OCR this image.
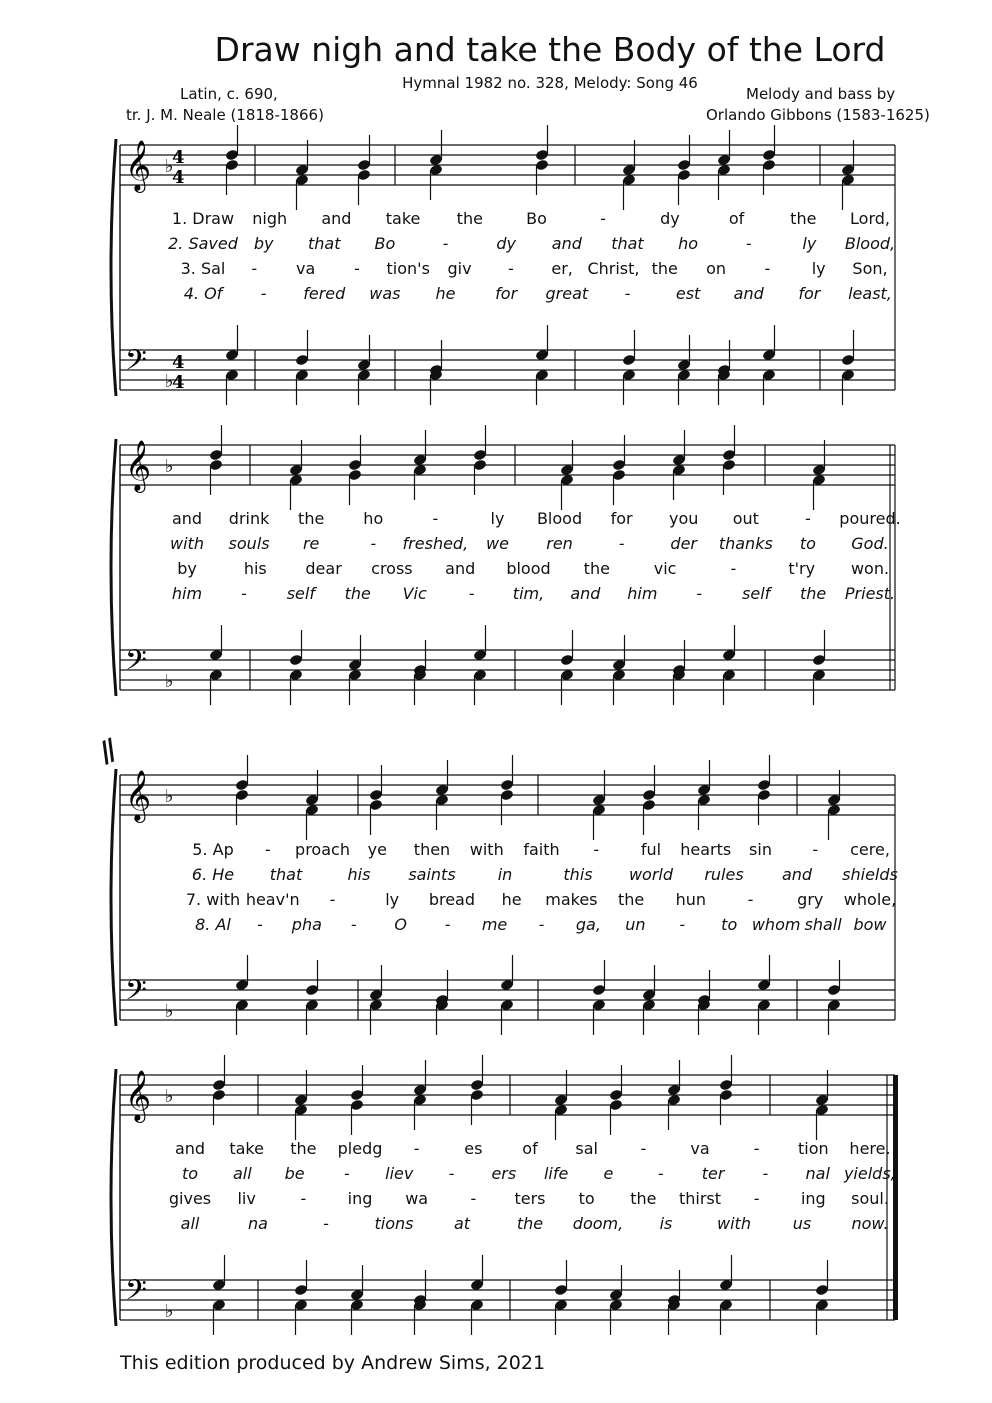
Draw nigh and take the Body of the Lord
Hymnal 1982 no. 328, Melody: Song 46
Latin, c. 690,
tr. J. M. Neale (1818-1866)
Melody and bass by
Orlando Gibbons (1583-1625)
𝄞 ♭
𝄢 ♭
4
4
4
4
𝄞 ♭
𝄢 ♭
𝄞 ♭
𝄢 ♭
𝄞 ♭
𝄢 ♭
1. Draw nigh and take the	Bo	-	dy	of	the Lord,
2. Saved by that Bo	-	dy and that ho	-	ly Blood,
3. Sal - va - tion's giv - er, Christ, the on -	ly Son,
4. Of - fered was he for great -	est and for least,
and drink the ho	-	ly Blood for you out	- poured.
with souls re	- freshed, we ren	-	der thanks to God.
by	his dear cross and blood the	vic	-	t'ry won.
him - self the Vic	- tim, and him - self the Priest.
5. Ap - proach ye then with faith -	ful hearts sin	- cere,
6. He that	his saints	in	this world rules and shields
7. with heav'n -	ly bread he makes the hun	-	gry whole,
8. Al - pha - O - me - ga, un - to whom shall bow
and take the pledg -	es of sal	-	va	- tion here.
to all be - liev - ers life e	- ter - nal yields;
gives liv	-	ing wa	- ters to the thirst -	ing soul.
all	na	-	tions	at	the doom, is	with	us	now.
//
This edition produced by Andrew Sims, 2021
